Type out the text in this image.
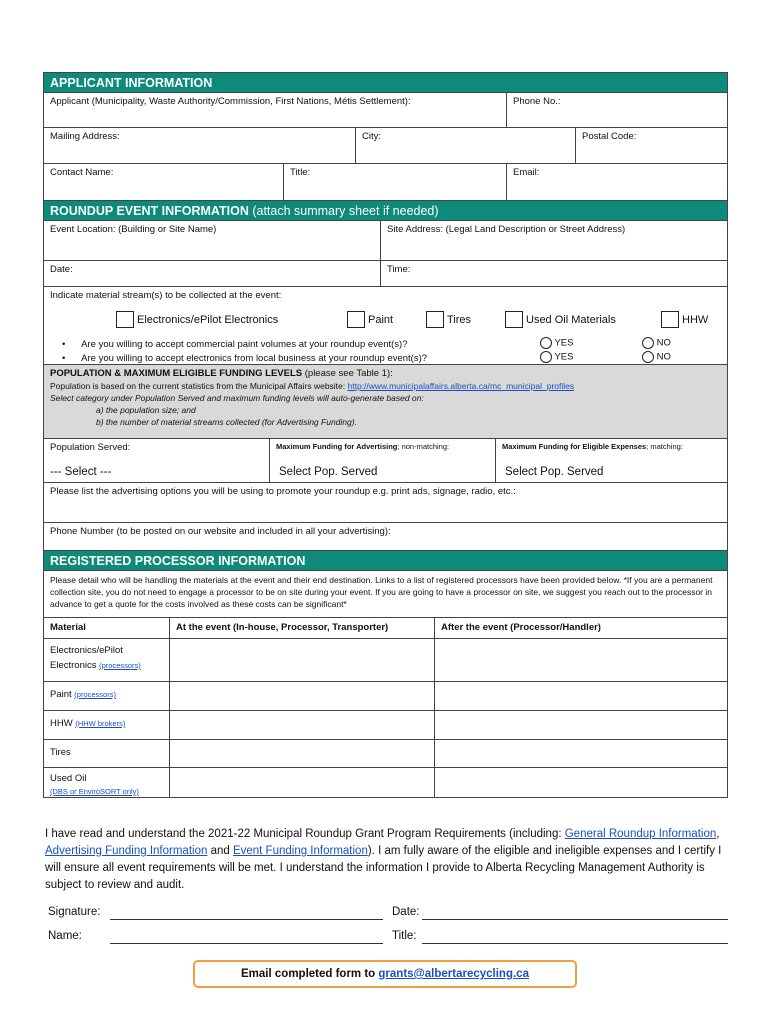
APPLICANT INFORMATION
Applicant (Municipality, Waste Authority/Commission, First Nations, Métis Settlement):	Phone No.:
Mailing Address:	City:	Postal Code:
Contact Name:	Title:	Email:
ROUNDUP EVENT INFORMATION (attach summary sheet if needed)
Event Location: (Building or Site Name)	Site Address: (Legal Land Description or Street Address)
Date:	Time:
Indicate material stream(s) to be collected at the event:
Electronics/ePilot Electronics	Paint	Tires	Used Oil Materials	HHW
•      Are you willing to accept commercial paint volumes at your roundup event(s)?
•      Are you willing to accept electronics from local business at your roundup event(s)?
YES	NO
YES	NO
POPULATION & MAXIMUM ELIGIBLE FUNDING LEVELS (please see Table 1):
Population is based on the current statistics from the Municipal Affairs website: http://www.municipalaffairs.alberta.ca/mc_municipal_profiles
Select category under Population Served and maximum funding levels will auto-generate based on:
a) the population size; and
b) the number of material streams collected (for Advertising Funding).
Population Served:
--- Select ---
Maximum Funding for Advertising; non-matching:
Select Pop. Served
Maximum Funding for Eligible Expenses; matching:
Select Pop. Served
Please list the advertising options you will be using to promote your roundup e.g. print ads, signage, radio, etc.:
Phone Number (to be posted on our website and included in all your advertising):
REGISTERED PROCESSOR INFORMATION
Please detail who will be handling the materials at the event and their end destination. Links to a list of registered processors have been provided below. *If you are a permanent collection site, you do not need to engage a processor to be on site during your event. If you are going to have a processor on site, we suggest you reach out to the processor in advance to get a quote for the costs involved as these costs can be significant*
Material	At the event (In-house, Processor, Transporter)	After the event (Processor/Handler)
Electronics/ePilot Electronics (processors)
Paint (processors)
HHW (HHW brokers)
Tires
Used Oil
(DBS or EnviroSORT only)
I have read and understand the 2021-22 Municipal Roundup Grant Program Requirements (including: General Roundup Information, Advertising Funding Information and Event Funding Information). I am fully aware of the eligible and ineligible expenses and I certify I will ensure all event requirements will be met. I understand the information I provide to Alberta Recycling Management Authority is subject to review and audit.
Signature:	Date:
Name:	Title:
Email completed form to grants@albertarecycling.ca
